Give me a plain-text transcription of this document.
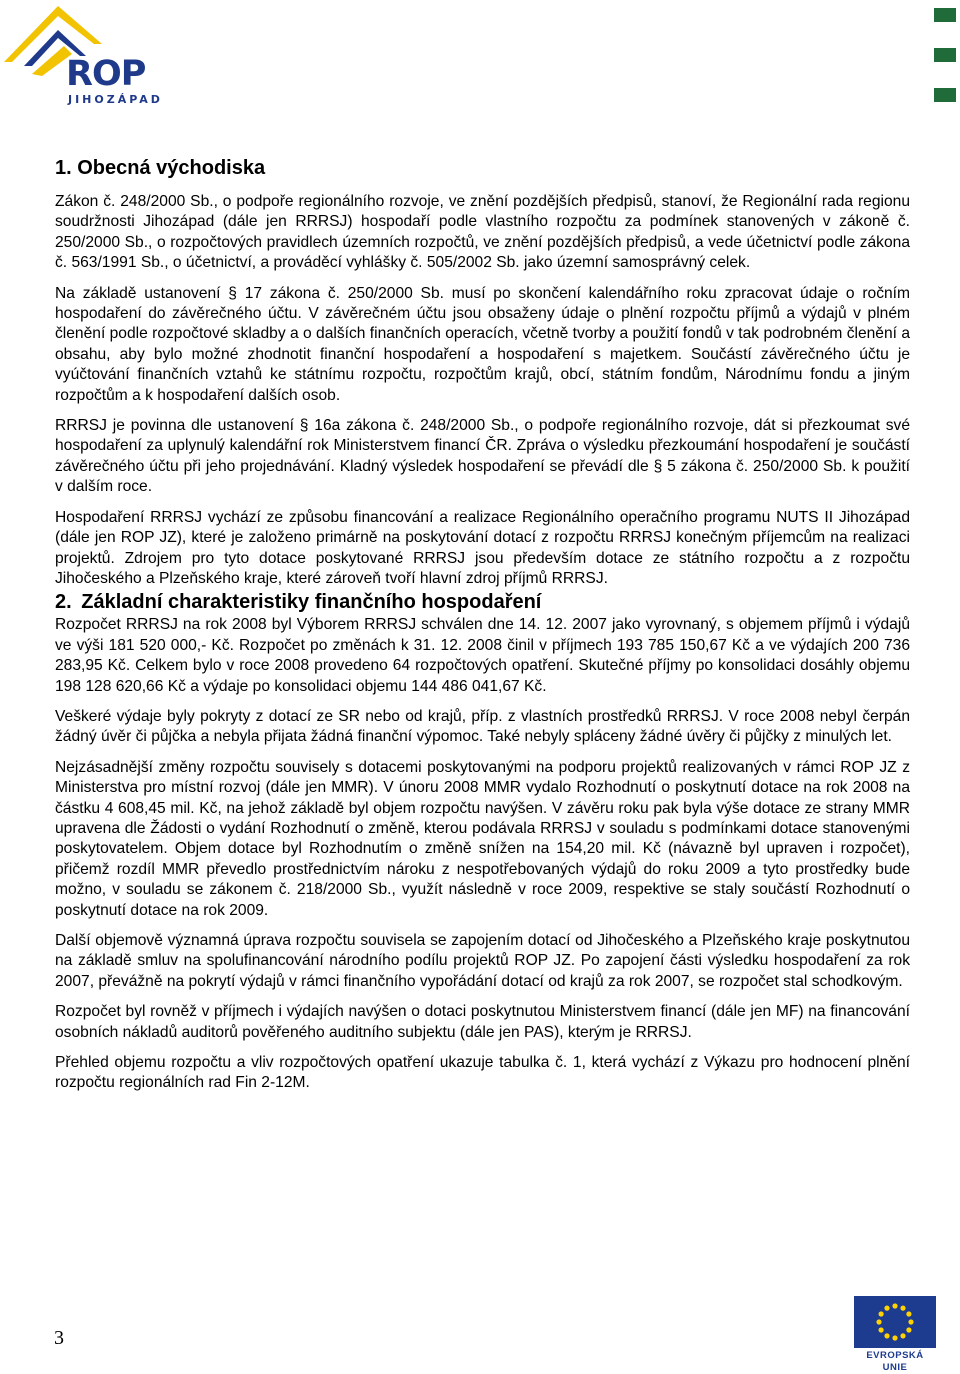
ROP
JIHOZÁPAD
1. Obecná východiska

Zákon č. 248/2000 Sb., o podpoře regionálního rozvoje, ve znění pozdějších předpisů, stanoví, že Regionální rada regionu soudržnosti Jihozápad (dále jen RRRSJ) hospodaří podle vlastního rozpočtu za podmínek stanovených v zákoně č. 250/2000 Sb., o rozpočtových pravidlech územních rozpočtů, ve znění pozdějších předpisů, a vede účetnictví podle zákona č. 563/1991 Sb., o účetnictví, a prováděcí vyhlášky č. 505/2002 Sb. jako územní samosprávný celek.

Na základě ustanovení § 17 zákona č. 250/2000 Sb. musí po skončení kalendářního roku zpracovat údaje o ročním hospodaření do závěrečného účtu. V závěrečném účtu jsou obsaženy údaje o plnění rozpočtu příjmů a výdajů v plném členění podle rozpočtové skladby a o dalších finančních operacích, včetně tvorby a použití fondů v tak podrobném členění a obsahu, aby bylo možné zhodnotit finanční hospodaření a hospodaření s majetkem. Součástí závěrečného účtu je vyúčtování finančních vztahů ke státnímu rozpočtu, rozpočtům krajů, obcí, státním fondům, Národnímu fondu a jiným rozpočtům a k hospodaření dalších osob.

RRRSJ je povinna dle ustanovení § 16a zákona č. 248/2000 Sb., o podpoře regionálního rozvoje, dát si přezkoumat své hospodaření za uplynulý kalendářní rok Ministerstvem financí ČR. Zpráva o výsledku přezkoumání hospodaření je součástí závěrečného účtu při jeho projednávání. Kladný výsledek hospodaření se převádí dle § 5 zákona č. 250/2000 Sb. k použití v dalším roce.

Hospodaření RRRSJ vychází ze způsobu financování a realizace Regionálního operačního programu NUTS II Jihozápad (dále jen ROP JZ), které je založeno primárně na poskytování dotací z rozpočtu RRRSJ konečným příjemcům na realizaci projektů. Zdrojem pro tyto dotace poskytované RRRSJ jsou především dotace ze státního rozpočtu a z rozpočtu Jihočeského a Plzeňského kraje, které zároveň tvoří hlavní zdroj příjmů RRRSJ.

2. Základní charakteristiky finančního hospodaření

Rozpočet RRRSJ na rok 2008 byl Výborem RRRSJ schválen dne 14. 12. 2007 jako vyrovnaný, s objemem příjmů i výdajů ve výši 181 520 000,- Kč. Rozpočet po změnách k 31. 12. 2008 činil v příjmech 193 785 150,67 Kč a ve výdajích 200 736 283,95 Kč. Celkem bylo v roce 2008 provedeno 64 rozpočtových opatření. Skutečné příjmy po konsolidaci dosáhly objemu 198 128 620,66 Kč a výdaje po konsolidaci objemu 144 486 041,67 Kč.

Veškeré výdaje byly pokryty z dotací ze SR nebo od krajů, příp. z vlastních prostředků RRRSJ. V roce 2008 nebyl čerpán žádný úvěr či půjčka a nebyla přijata žádná finanční výpomoc. Také nebyly spláceny žádné úvěry či půjčky z minulých let.

Nejzásadnější změny rozpočtu souvisely s dotacemi poskytovanými na podporu projektů realizovaných v rámci ROP JZ z Ministerstva pro místní rozvoj (dále jen MMR). V únoru 2008 MMR vydalo Rozhodnutí o poskytnutí dotace na rok 2008 na částku 4 608,45 mil. Kč, na jehož základě byl objem rozpočtu navýšen. V závěru roku pak byla výše dotace ze strany MMR upravena dle Žádosti o vydání Rozhodnutí o změně, kterou podávala RRRSJ v souladu s podmínkami dotace stanovenými poskytovatelem. Objem dotace byl Rozhodnutím o změně snížen na 154,20 mil. Kč (návazně byl upraven i rozpočet), přičemž rozdíl MMR převedlo prostřednictvím nároku z nespotřebovaných výdajů do roku 2009 a tyto prostředky bude možno, v souladu se zákonem č. 218/2000 Sb., využít následně v roce 2009, respektive se staly součástí Rozhodnutí o poskytnutí dotace na rok 2009.

Další objemově významná úprava rozpočtu souvisela se zapojením dotací od Jihočeského a Plzeňského kraje poskytnutou na základě smluv na spolufinancování národního podílu projektů ROP JZ. Po zapojení části výsledku hospodaření za rok 2007, převážně na pokrytí výdajů v rámci finančního vypořádání dotací od krajů za rok 2007, se rozpočet stal schodkovým.

Rozpočet byl rovněž v příjmech i výdajích navýšen o dotaci poskytnutou Ministerstvem financí (dále jen MF) na financování osobních nákladů auditorů pověřeného auditního subjektu (dále jen PAS), kterým je RRRSJ.

Přehled objemu rozpočtu a vliv rozpočtových opatření ukazuje tabulka č. 1, která vychází z Výkazu pro hodnocení plnění rozpočtu regionálních rad Fin 2-12M.

3
EVROPSKÁ UNIE
